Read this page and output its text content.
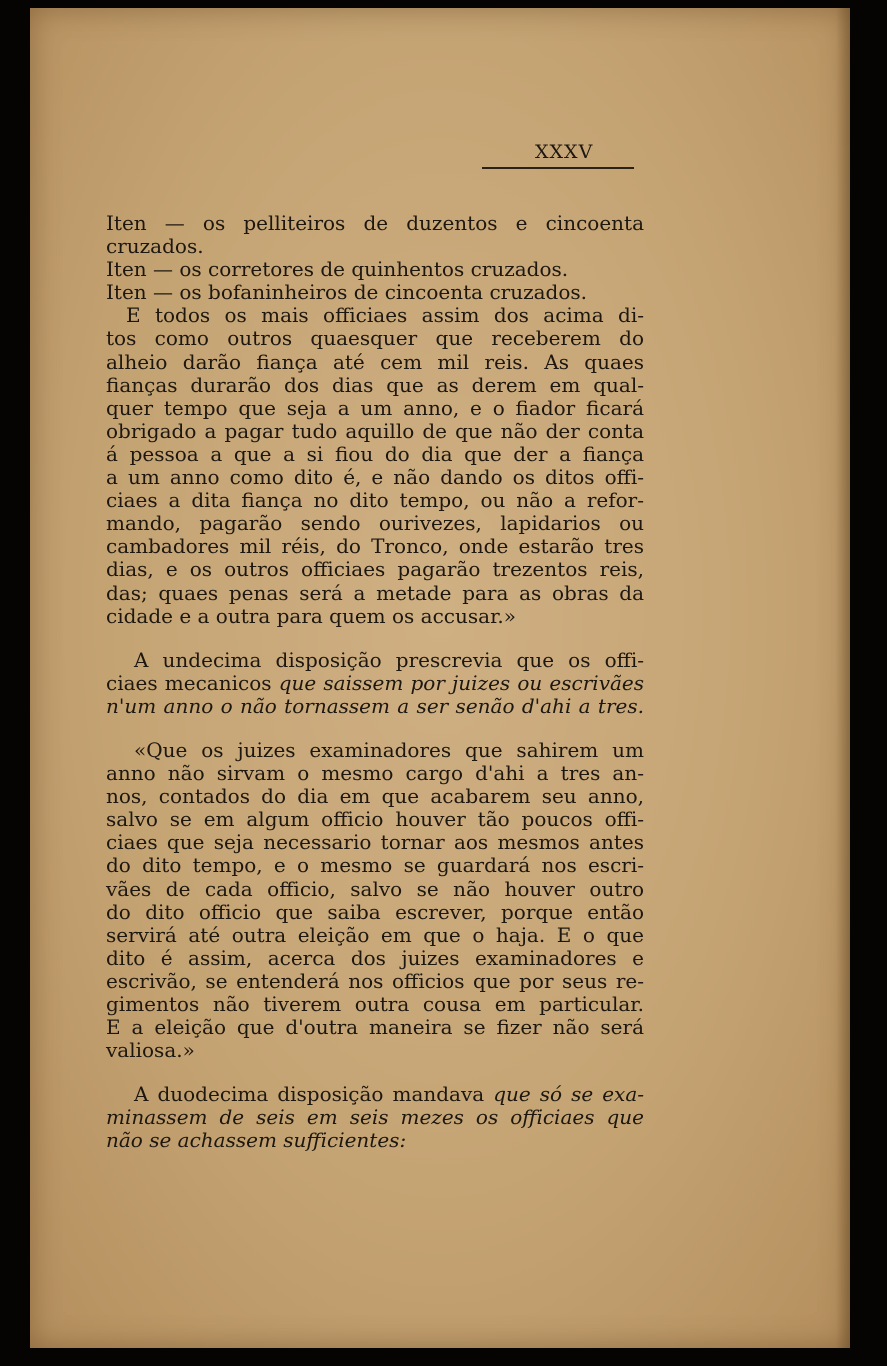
XXXV
Iten — os pelliteiros de duzentos e cincoenta
cruzados.
Iten — os corretores de quinhentos cruzados.
Iten — os bofaninheiros de cincoenta cruzados.
E todos os mais officiaes assim dos acima di-
tos como outros quaesquer que receberem do
alheio darão fiança até cem mil reis. As quaes
fianças durarão dos dias que as derem em qual-
quer tempo que seja a um anno, e o fiador ficará
obrigado a pagar tudo aquillo de que não der conta
á pessoa a que a si fiou do dia que der a fiança
a um anno como dito é, e não dando os ditos offi-
ciaes a dita fiança no dito tempo, ou não a refor-
mando, pagarão sendo ourivezes, lapidarios ou
cambadores mil réis, do Tronco, onde estarão tres
dias, e os outros officiaes pagarão trezentos reis,
das; quaes penas será a metade para as obras da
cidade e a outra para quem os accusar.»
A undecima disposição prescrevia que os offi-
ciaes mecanicos que saissem por juizes ou escrivães
n'um anno o não tornassem a ser senão d'ahi a tres.
«Que os juizes examinadores que sahirem um
anno não sirvam o mesmo cargo d'ahi a tres an-
nos, contados do dia em que acabarem seu anno,
salvo se em algum officio houver tão poucos offi-
ciaes que seja necessario tornar aos mesmos antes
do dito tempo, e o mesmo se guardará nos escri-
vães de cada officio, salvo se não houver outro
do dito officio que saiba escrever, porque então
servirá até outra eleição em que o haja. E o que
dito é assim, acerca dos juizes examinadores e
escrivão, se entenderá nos officios que por seus re-
gimentos não tiverem outra cousa em particular.
E a eleição que d'outra maneira se fizer não será
valiosa.»
A duodecima disposição mandava que só se exa-
minassem de seis em seis mezes os officiaes que
não se achassem sufficientes:
